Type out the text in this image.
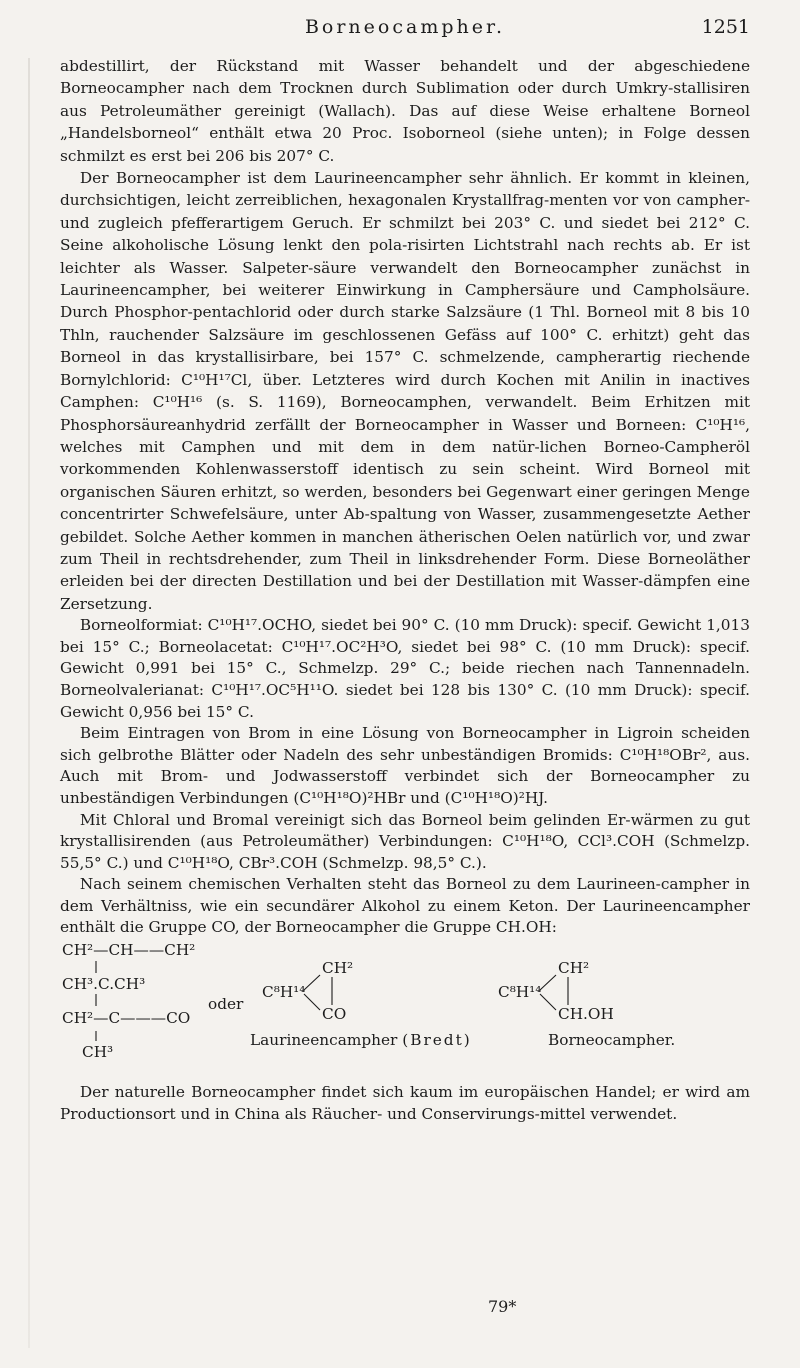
Borneocampher.	1251

abdestillirt, der Rückstand mit Wasser behandelt und der abgeschiedene Borneocampher nach dem Trocknen durch Sublimation oder durch Umkry-stallisiren aus Petroleumäther gereinigt (Wallach). Das auf diese Weise erhaltene Borneol „Handelsborneol“ enthält etwa 20 Proc. Isoborneol (siehe unten); in Folge dessen schmilzt es erst bei 206 bis 207° C.

Der Borneocampher ist dem Laurineencampher sehr ähnlich. Er kommt in kleinen, durchsichtigen, leicht zerreiblichen, hexagonalen Krystallfrag-menten vor von campher- und zugleich pfefferartigem Geruch. Er schmilzt bei 203° C. und siedet bei 212° C. Seine alkoholische Lösung lenkt den pola-risirten Lichtstrahl nach rechts ab. Er ist leichter als Wasser. Salpeter-säure verwandelt den Borneocampher zunächst in Laurineencampher, bei weiterer Einwirkung in Camphersäure und Campholsäure. Durch Phosphor-pentachlorid oder durch starke Salzsäure (1 Thl. Borneol mit 8 bis 10 Thln, rauchender Salzsäure im geschlossenen Gefäss auf 100° C. erhitzt) geht das Borneol in das krystallisirbare, bei 157° C. schmelzende, campherartig riechende Bornylchlorid: C¹⁰H¹⁷Cl, über. Letzteres wird durch Kochen mit Anilin in inactives Camphen: C¹⁰H¹⁶ (s. S. 1169), Borneocamphen, verwandelt. Beim Erhitzen mit Phosphorsäureanhydrid zerfällt der Borneocampher in Wasser und Borneen: C¹⁰H¹⁶, welches mit Camphen und mit dem in dem natür-lichen Borneo-Campheröl vorkommenden Kohlenwasserstoff identisch zu sein scheint. Wird Borneol mit organischen Säuren erhitzt, so werden, besonders bei Gegenwart einer geringen Menge concentrirter Schwefelsäure, unter Ab-spaltung von Wasser, zusammengesetzte Aether gebildet. Solche Aether kommen in manchen ätherischen Oelen natürlich vor, und zwar zum Theil in rechtsdrehender, zum Theil in linksdrehender Form. Diese Borneoläther erleiden bei der directen Destillation und bei der Destillation mit Wasser-dämpfen eine Zersetzung.

Borneolformiat: C¹⁰H¹⁷.OCHO, siedet bei 90° C. (10 mm Druck): specif. Gewicht 1,013 bei 15° C.; Borneolacetat: C¹⁰H¹⁷.OC²H³O, siedet bei 98° C. (10 mm Druck): specif. Gewicht 0,991 bei 15° C., Schmelzp. 29° C.; beide riechen nach Tannennadeln. Borneolvalerianat: C¹⁰H¹⁷.OC⁵H¹¹O. siedet bei 128 bis 130° C. (10 mm Druck): specif. Gewicht 0,956 bei 15° C.

Beim Eintragen von Brom in eine Lösung von Borneocampher in Ligroin scheiden sich gelbrothe Blätter oder Nadeln des sehr unbeständigen Bromids: C¹⁰H¹⁸OBr², aus. Auch mit Brom- und Jodwasserstoff verbindet sich der Borneocampher zu unbeständigen Verbindungen (C¹⁰H¹⁸O)²HBr und (C¹⁰H¹⁸O)²HJ.

Mit Chloral und Bromal vereinigt sich das Borneol beim gelinden Er-wärmen zu gut krystallisirenden (aus Petroleumäther) Verbindungen: C¹⁰H¹⁸O, CCl³.COH (Schmelzp. 55,5° C.) und C¹⁰H¹⁸O, CBr³.COH (Schmelzp. 98,5° C.).

Nach seinem chemischen Verhalten steht das Borneol zu dem Laurineen-campher in dem Verhältniss, wie ein secundärer Alkohol zu einem Keton. Der Laurineencampher enthält die Gruppe CO, der Borneocampher die Gruppe CH.OH:

CH²—CH——CH²
CH³.C.CH³
CH²—C———CO
CH³
oder
C⁸H¹⁴
CH²
CO
Laurineencampher (Bredt)
C⁸H¹⁴
CH²
CH.OH
Borneocampher.

Der naturelle Borneocampher findet sich kaum im europäischen Handel; er wird am Productionsort und in China als Räucher- und Conservirungs-mittel verwendet.

79*
